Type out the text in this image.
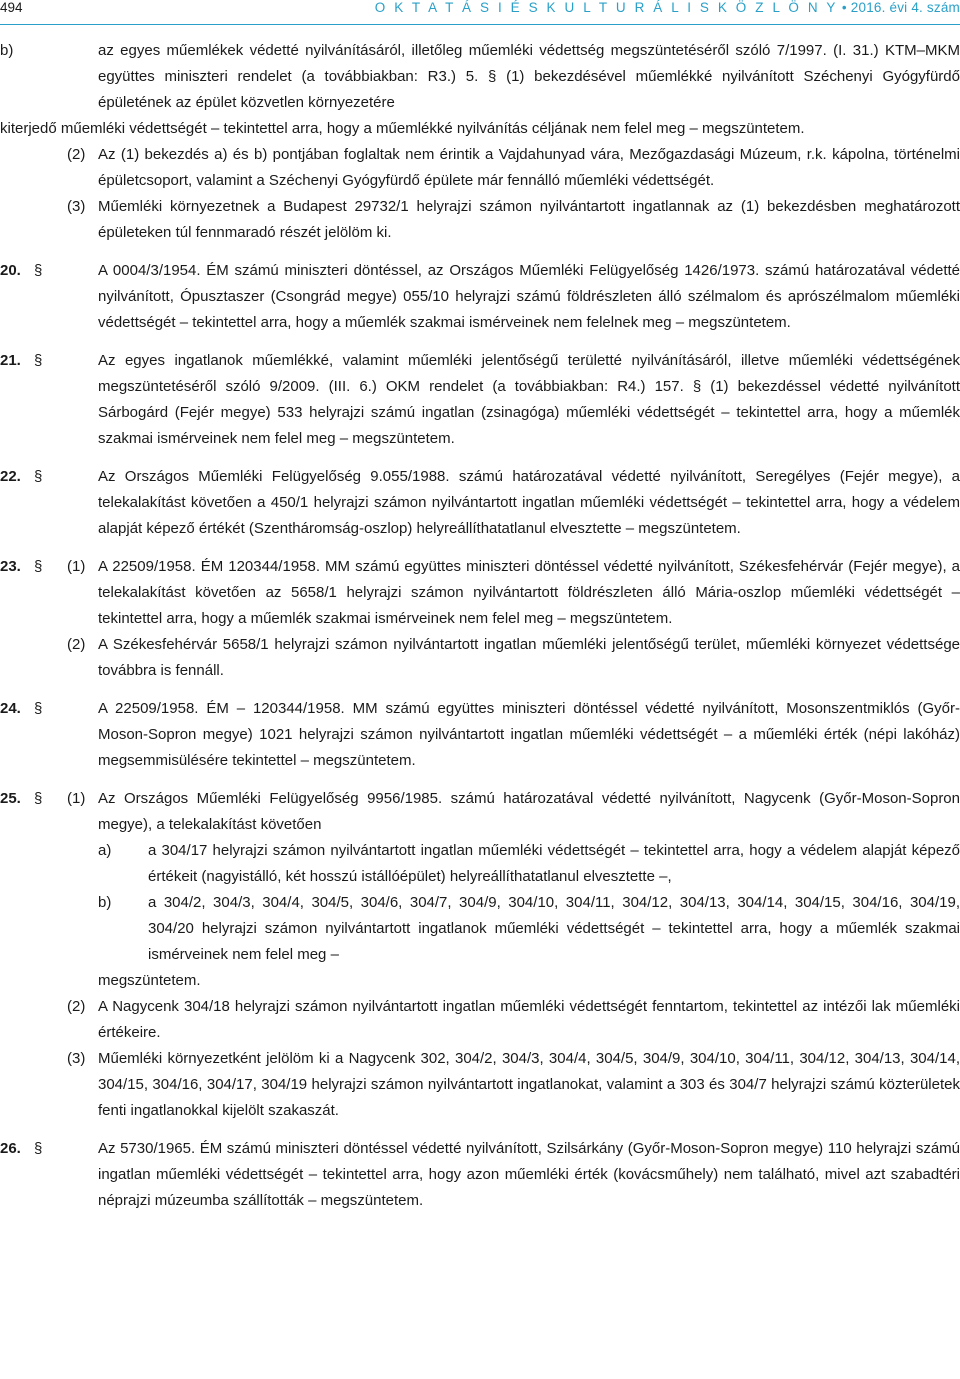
494	O K T A T Á S I É S K U L T U R Á L I S K Ö Z L Ö N Y • 2016. évi 4. szám
b)	az egyes műemlékek védetté nyilvánításáról, illetőleg műemléki védettség megszüntetéséről szóló 7/1997. (I. 31.) KTM–MKM együttes miniszteri rendelet (a továbbiakban: R3.) 5. § (1) bekezdésével műemlékké nyilvánított Széchenyi Gyógyfürdő épületének az épület közvetlen környezetére

kiterjedő műemléki védettségét – tekintettel arra, hogy a műemlékké nyilvánítás céljának nem felel meg – megszüntetem.

(2) Az (1) bekezdés a) és b) pontjában foglaltak nem érintik a Vajdahunyad vára, Mezőgazdasági Múzeum, r.k. kápolna, történelmi épületcsoport, valamint a Széchenyi Gyógyfürdő épülete már fennálló műemléki védettségét.

(3) Műemléki környezetnek a Budapest 29732/1 helyrajzi számon nyilvántartott ingatlannak az (1) bekezdésben meghatározott épületeken túl fennmaradó részét jelölöm ki.

20. §	A 0004/3/1954. ÉM számú miniszteri döntéssel, az Országos Műemléki Felügyelőség 1426/1973. számú határozatával védetté nyilvánított, Ópusztaszer (Csongrád megye) 055/10 helyrajzi számú földrészleten álló szélmalom és aprószélmalom műemléki védettségét – tekintettel arra, hogy a műemlék szakmai ismérveinek nem felelnek meg – megszüntetem.

21. §	Az egyes ingatlanok műemlékké, valamint műemléki jelentőségű területté nyilvánításáról, illetve műemléki védettségének megszüntetéséről szóló 9/2009. (III. 6.) OKM rendelet (a továbbiakban: R4.) 157. § (1) bekezdéssel védetté nyilvánított Sárbogárd (Fejér megye) 533 helyrajzi számú ingatlan (zsinagóga) műemléki védettségét – tekintettel arra, hogy a műemlék szakmai ismérveinek nem felel meg – megszüntetem.

22. §	Az Országos Műemléki Felügyelőség 9.055/1988. számú határozatával védetté nyilvánított, Seregélyes (Fejér megye), a telekalakítást követően a 450/1 helyrajzi számon nyilvántartott ingatlan műemléki védettségét – tekintettel arra, hogy a védelem alapját képező értékét (Szentháromság-oszlop) helyreállíthatatlanul elvesztette – megszüntetem.

23. § (1) A 22509/1958. ÉM 120344/1958. MM számú együttes miniszteri döntéssel védetté nyilvánított, Székesfehérvár (Fejér megye), a telekalakítást követően az 5658/1 helyrajzi számon nyilvántartott földrészleten álló Mária-oszlop műemléki védettségét – tekintettel arra, hogy a műemlék szakmai ismérveinek nem felel meg – megszüntetem.

(2) A Székesfehérvár 5658/1 helyrajzi számon nyilvántartott ingatlan műemléki jelentőségű terület, műemléki környezet védettsége továbbra is fennáll.

24. §	A 22509/1958. ÉM – 120344/1958. MM számú együttes miniszteri döntéssel védetté nyilvánított, Mosonszentmiklós (Győr-Moson-Sopron megye) 1021 helyrajzi számon nyilvántartott ingatlan műemléki védettségét – a műemléki érték (népi lakóház) megsemmisülésére tekintettel – megszüntetem.

25. § (1) Az Országos Műemléki Felügyelőség 9956/1985. számú határozatával védetté nyilvánított, Nagycenk (Győr-Moson-Sopron megye), a telekalakítást követően

a) a 304/17 helyrajzi számon nyilvántartott ingatlan műemléki védettségét – tekintettel arra, hogy a védelem alapját képező értékeit (nagyistálló, két hosszú istállóépület) helyreállíthatatlanul elvesztette –,

b) a 304/2, 304/3, 304/4, 304/5, 304/6, 304/7, 304/9, 304/10, 304/11, 304/12, 304/13, 304/14, 304/15, 304/16, 304/19, 304/20 helyrajzi számon nyilvántartott ingatlanok műemléki védettségét – tekintettel arra, hogy a műemlék szakmai ismérveinek nem felel meg –

megszüntetem.

(2) A Nagycenk 304/18 helyrajzi számon nyilvántartott ingatlan műemléki védettségét fenntartom, tekintettel az intézői lak műemléki értékeire.

(3) Műemléki környezetként jelölöm ki a Nagycenk 302, 304/2, 304/3, 304/4, 304/5, 304/9, 304/10, 304/11, 304/12, 304/13, 304/14, 304/15, 304/16, 304/17, 304/19 helyrajzi számon nyilvántartott ingatlanokat, valamint a 303 és 304/7 helyrajzi számú közterületek fenti ingatlanokkal kijelölt szakaszát.

26. §	Az 5730/1965. ÉM számú miniszteri döntéssel védetté nyilvánított, Szilsárkány (Győr-Moson-Sopron megye) 110 helyrajzi számú ingatlan műemléki védettségét – tekintettel arra, hogy azon műemléki érték (kovácsműhely) nem található, mivel azt szabadtéri néprajzi múzeumba szállították – megszüntetem.
